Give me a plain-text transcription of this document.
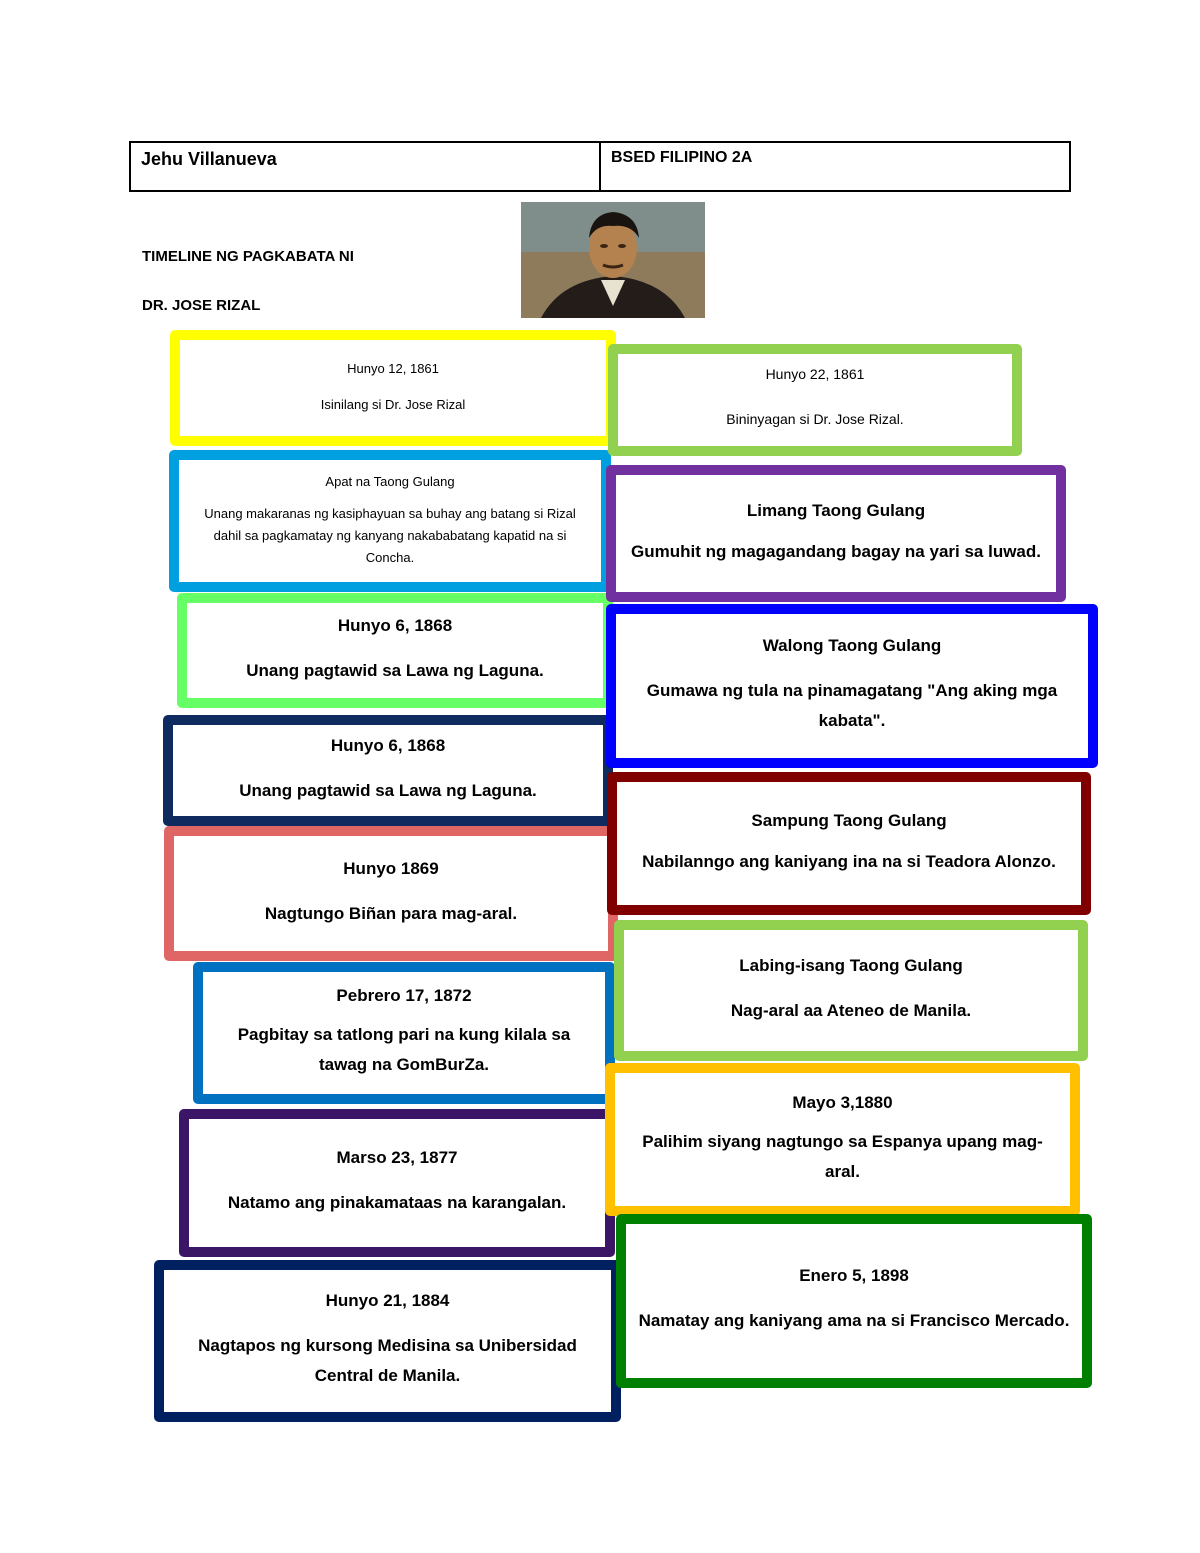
Jehu Villanueva	BSED FILIPINO 2A
TIMELINE NG PAGKABATA NI
DR. JOSE RIZAL
Hunyo 12, 1861
Isinilang si Dr. Jose Rizal
Apat na Taong Gulang
Unang makaranas ng kasiphayuan sa buhay ang batang si Rizal dahil sa pagkamatay ng kanyang nakababatang kapatid na si Concha.
Hunyo 6, 1868
Unang pagtawid sa Lawa ng Laguna.
Hunyo 6, 1868
Unang pagtawid sa Lawa ng Laguna.
Hunyo 1869
Nagtungo Biñan para mag-aral.
Pebrero 17, 1872
Pagbitay sa tatlong pari na kung kilala sa tawag na GomBurZa.
Marso 23, 1877
Natamo ang pinakamataas na karangalan.
Hunyo 21, 1884
Nagtapos ng kursong Medisina sa Unibersidad Central de Manila.
Hunyo 22, 1861
Bininyagan si Dr. Jose Rizal.
Limang Taong Gulang
Gumuhit ng magagandang bagay na yari sa luwad.
Walong Taong Gulang
Gumawa ng tula na pinamagatang "Ang aking mga kabata".
Sampung Taong Gulang
Nabilanngo ang kaniyang ina na si Teadora Alonzo.
Labing-isang Taong Gulang
Nag-aral aa Ateneo de Manila.
Mayo 3,1880
Palihim siyang nagtungo sa Espanya upang mag-aral.
Enero 5, 1898
Namatay ang kaniyang ama na si Francisco Mercado.
